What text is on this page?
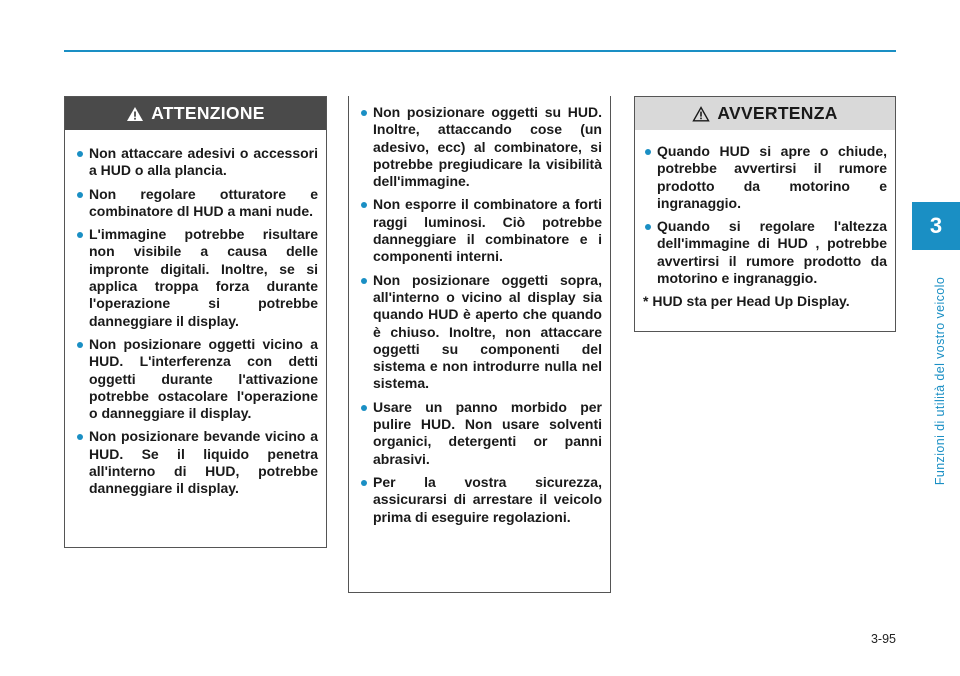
ATTENZIONE
Non attaccare adesivi o accessori a HUD o alla plancia.
Non regolare otturatore e combinatore dl HUD a mani nude.
L'immagine potrebbe risultare non visibile a causa delle impronte digitali. Inoltre, se si applica troppa forza durante l'operazione si potrebbe danneggiare il display.
Non posizionare oggetti vicino a HUD. L'interferenza con detti oggetti durante l'attivazione potrebbe ostacolare l'operazione o danneggiare il display.
Non posizionare bevande vicino a HUD. Se il liquido penetra all'interno di HUD, potrebbe danneggiare il display.
Non posizionare oggetti su HUD. Inoltre, attaccando cose (un adesivo, ecc) al combinatore, si potrebbe pregiudicare la visibilità dell'immagine.
Non esporre il combinatore a forti raggi luminosi. Ciò potrebbe danneggiare il combinatore e i componenti interni.
Non posizionare oggetti sopra, all'interno o vicino al display sia quando HUD è aperto che quando è chiuso. Inoltre, non attaccare oggetti su componenti del sistema e non introdurre nulla nel sistema.
Usare un panno morbido per pulire HUD. Non usare solventi organici, detergenti or panni abrasivi.
Per la vostra sicurezza, assicurarsi di arrestare il veicolo prima di eseguire regolazioni.
AVVERTENZA
Quando HUD si apre o chiude, potrebbe avvertirsi il rumore prodotto da motorino e ingranaggio.
Quando si regolare l'altezza dell'immagine di HUD , potrebbe avvertirsi il rumore prodotto da motorino e ingranaggio.
* HUD sta per Head Up Display.
3
Funzioni di utilità del vostro veicolo
3-95
